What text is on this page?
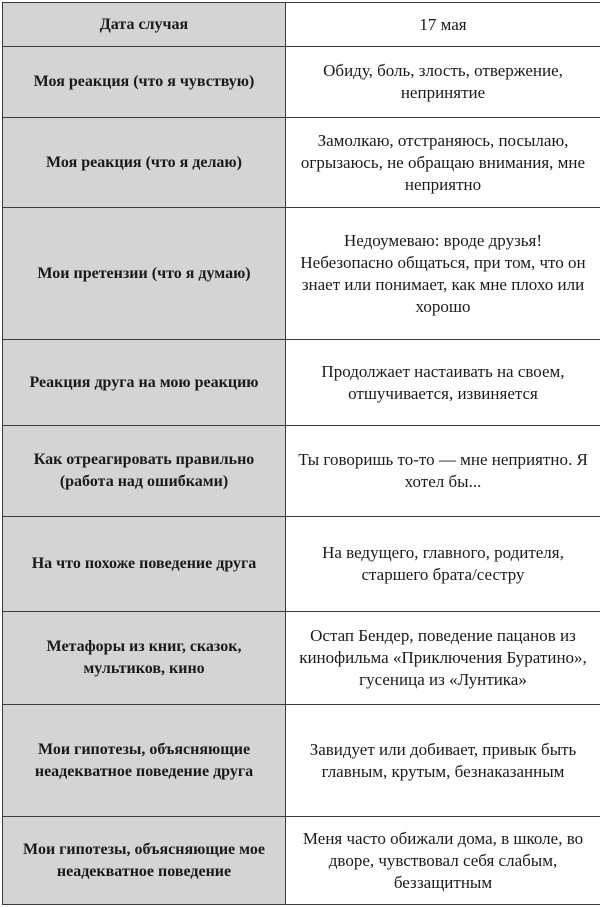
Дата случая	17 мая
Моя реакция (что я чувствую)	Обиду, боль, злость, отвержение, непринятие
Моя реакция (что я делаю)	Замолкаю, отстраняюсь, посылаю, огрызаюсь, не обращаю внимания, мне неприятно
Мои претензии (что я думаю)	Недоумеваю: вроде друзья! Небезопасно общаться, при том, что он знает или понимает, как мне плохо или хорошо
Реакция друга на мою реакцию	Продолжает настаивать на своем, отшучивается, извиняется
Как отреагировать правильно (работа над ошибками)	Ты говоришь то-то — мне неприятно. Я хотел бы...
На что похоже поведение друга	На ведущего, главного, родителя, старшего брата/сестру
Метафоры из книг, сказок, мультиков, кино	Остап Бендер, поведение пацанов из кинофильма «Приключения Буратино», гусеница из «Лунтика»
Мои гипотезы, объясняющие неадекватное поведение друга	Завидует или добивает, привык быть главным, крутым, безнаказанным
Мои гипотезы, объясняющие мое неадекватное поведение	Меня часто обижали дома, в школе, во дворе, чувствовал себя слабым, беззащитным
